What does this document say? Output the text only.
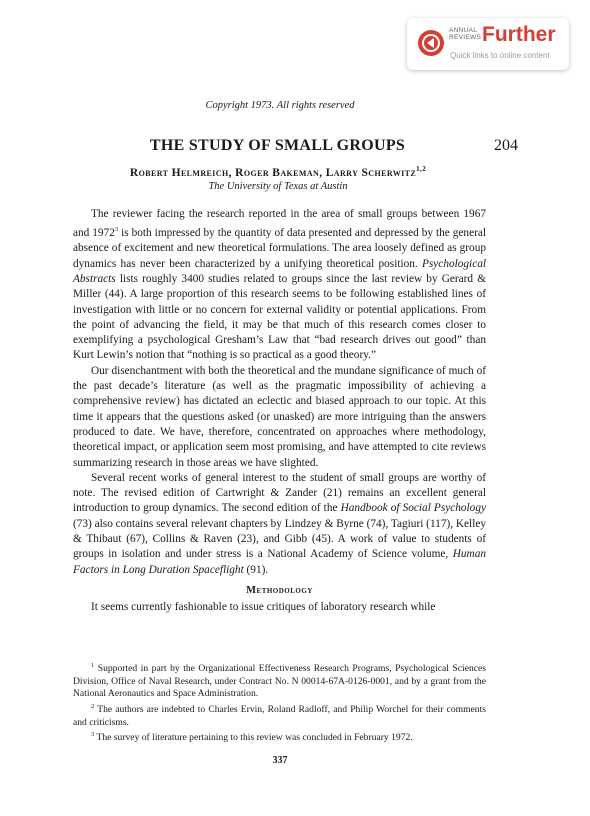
ANNUAL
REVIEWS Further
Quick links to online content
Copyright 1973. All rights reserved
THE STUDY OF SMALL GROUPS	204
Robert Helmreich, Roger Bakeman, Larry Scherwitz$^{1,2}$
The University of Texas at Austin

The reviewer facing the research reported in the area of small groups between 1967 and 1972$^3$ is both impressed by the quantity of data presented and depressed by the general absence of excitement and new theoretical formulations. The area loosely defined as group dynamics has never been characterized by a unifying theoretical position. Psychological Abstracts lists roughly 3400 studies related to groups since the last review by Gerard & Miller (44). A large proportion of this research seems to be following established lines of investigation with little or no concern for external validity or potential applications. From the point of advancing the field, it may be that much of this research comes closer to exemplifying a psychological Gresham’s Law that “bad research drives out good” than Kurt Lewin’s notion that “nothing is so practical as a good theory.”

Our disenchantment with both the theoretical and the mundane significance of much of the past decade’s literature (as well as the pragmatic impossibility of achieving a comprehensive review) has dictated an eclectic and biased approach to our topic. At this time it appears that the questions asked (or unasked) are more intriguing than the answers produced to date. We have, therefore, concentrated on approaches where methodology, theoretical impact, or application seem most promising, and have attempted to cite reviews summarizing research in those areas we have slighted.

Several recent works of general interest to the student of small groups are worthy of note. The revised edition of Cartwright & Zander (21) remains an excellent general introduction to group dynamics. The second edition of the Handbook of Social Psychology (73) also contains several relevant chapters by Lindzey & Byrne (74), Tagiuri (117), Kelley & Thibaut (67), Collins & Raven (23), and Gibb (45). A work of value to students of groups in isolation and under stress is a National Academy of Science volume, Human Factors in Long Duration Spaceflight (91).

Methodology

It seems currently fashionable to issue critiques of laboratory research while

$^1$ Supported in part by the Organizational Effectiveness Research Programs, Psychological Sciences Division, Office of Naval Research, under Contract No. N 00014-67A-0126-0001, and by a grant from the National Aeronautics and Space Administration.

$^2$ The authors are indebted to Charles Ervin, Roland Radloff, and Philip Worchel for their comments and criticisms.

$^3$ The survey of literature pertaining to this review was concluded in February 1972.

337
